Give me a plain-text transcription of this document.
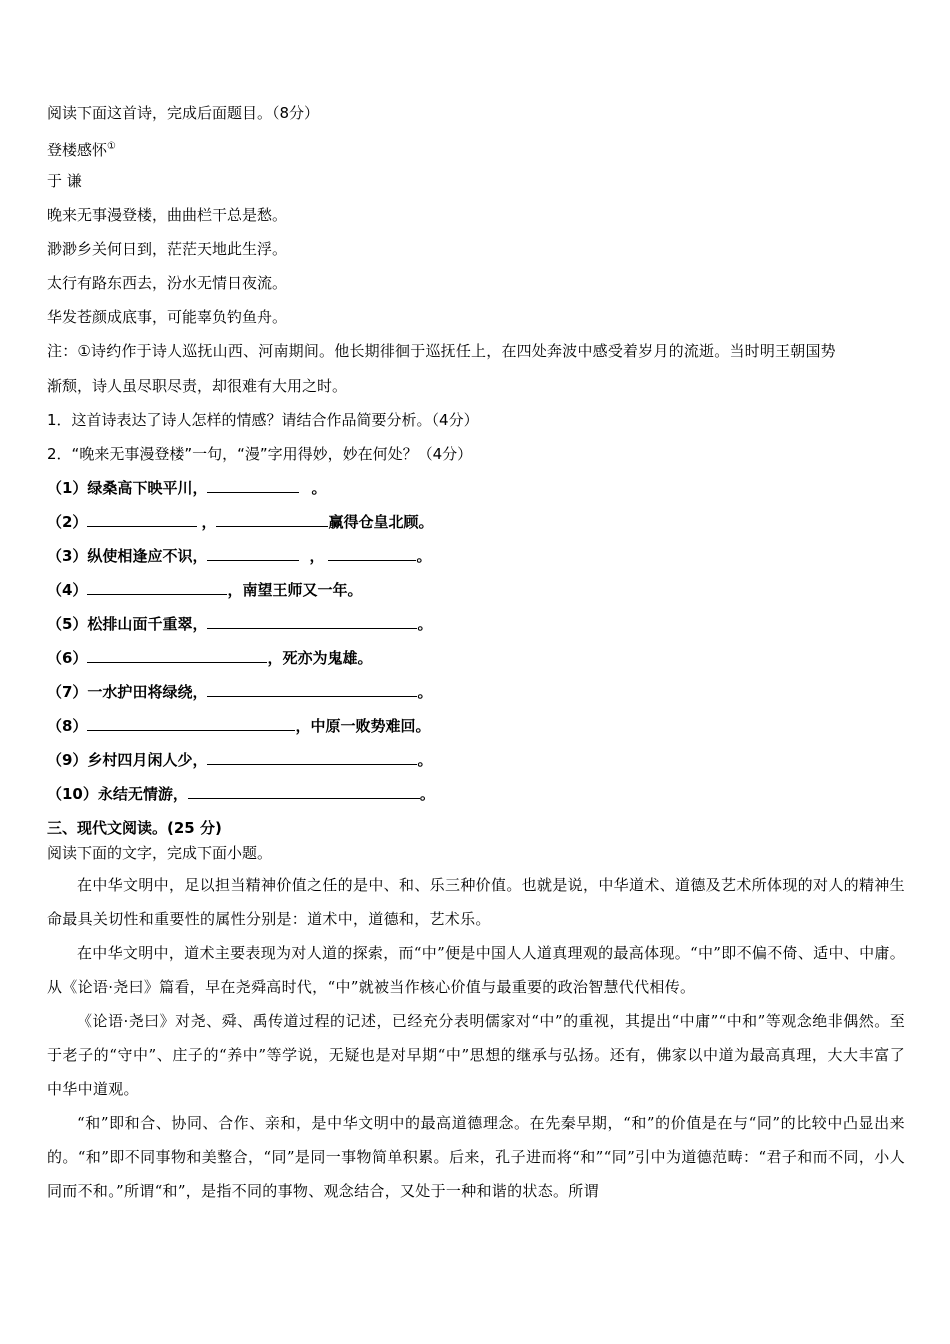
阅读下面这首诗，完成后面题目。（8分）
登楼感怀①
于 谦
晚来无事漫登楼，曲曲栏干总是愁。
渺渺乡关何日到，茫茫天地此生浮。
太行有路东西去，汾水无情日夜流。
华发苍颜成底事，可能辜负钓鱼舟。
注：①诗约作于诗人巡抚山西、河南期间。他长期徘徊于巡抚任上，在四处奔波中感受着岁月的流逝。当时明王朝国势
渐颓，诗人虽尽职尽责，却很难有大用之时。
1．这首诗表达了诗人怎样的情感？请结合作品简要分析。（4分）
2．“晚来无事漫登楼”一句，“漫”字用得妙，妙在何处？（4分）
（1）绿桑高下映平川，	。
（2）	，	赢得仓皇北顾。
（3）纵使相逢应不识，	，	。
（4）	，南望王师又一年。
（5）松排山面千重翠，	。
（6）	，死亦为鬼雄。
（7）一水护田将绿绕，	。
（8）	，中原一败势难回。
（9）乡村四月闲人少，	。
（10）永结无情游，	。
三、现代文阅读。(25 分)
阅读下面的文字，完成下面小题。
在中华文明中，足以担当精神价值之任的是中、和、乐三种价值。也就是说，中华道术、道德及艺术所体现的对人的精神生命最具关切性和重要性的属性分别是：道术中，道德和，艺术乐。
在中华文明中，道术主要表现为对人道的探索，而“中”便是中国人人道真理观的最高体现。“中”即不偏不倚、适中、中庸。从《论语·尧曰》篇看，早在尧舜高时代，“中”就被当作核心价值与最重要的政治智慧代代相传。
《论语·尧曰》对尧、舜、禹传道过程的记述，已经充分表明儒家对“中”的重视，其提出“中庸”“中和”等观念绝非偶然。至于老子的“守中”、庄子的“养中”等学说，无疑也是对早期“中”思想的继承与弘扬。还有，佛家以中道为最高真理，大大丰富了中华中道观。
“和”即和合、协同、合作、亲和，是中华文明中的最高道德理念。在先秦早期，“和”的价值是在与“同”的比较中凸显出来的。“和”即不同事物和美整合，“同”是同一事物简单积累。后来，孔子进而将“和”“同”引中为道德范畴：“君子和而不同，小人同而不和。”所谓“和”，是指不同的事物、观念结合，又处于一种和谐的状态。所谓
